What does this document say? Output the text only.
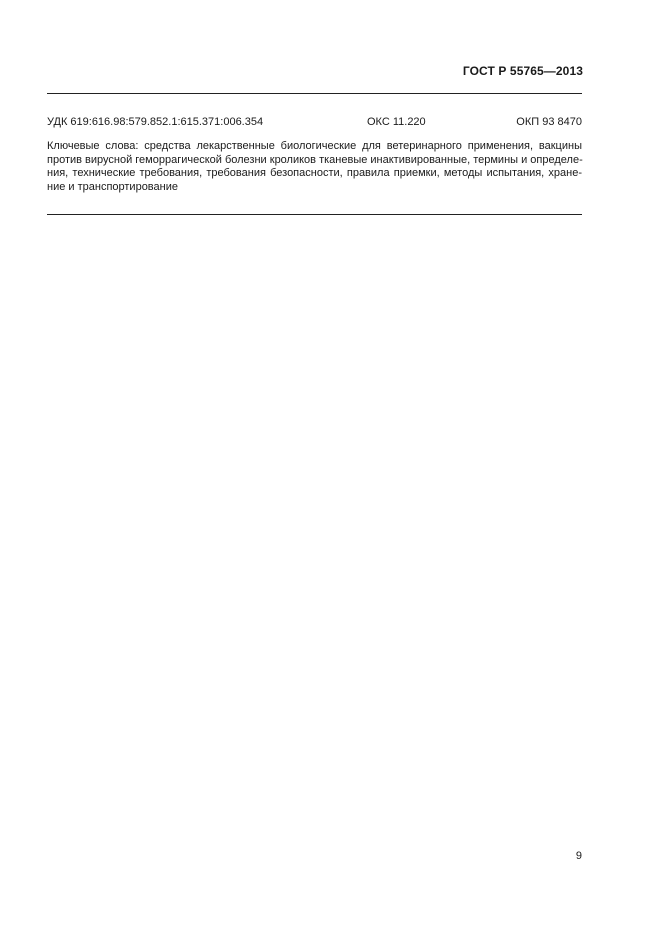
ГОСТ Р 55765—2013
УДК 619:616.98:579.852.1:615.371:006.354	ОКС 11.220	ОКП 93 8470
Ключевые слова: средства лекарственные биологические для ветеринарного применения, вакцины
против вирусной геморрагической болезни кроликов тканевые инактивированные, термины и определе-
ния, технические требования, требования безопасности, правила приемки, методы испытания, хране-
ние и транспортирование
9
